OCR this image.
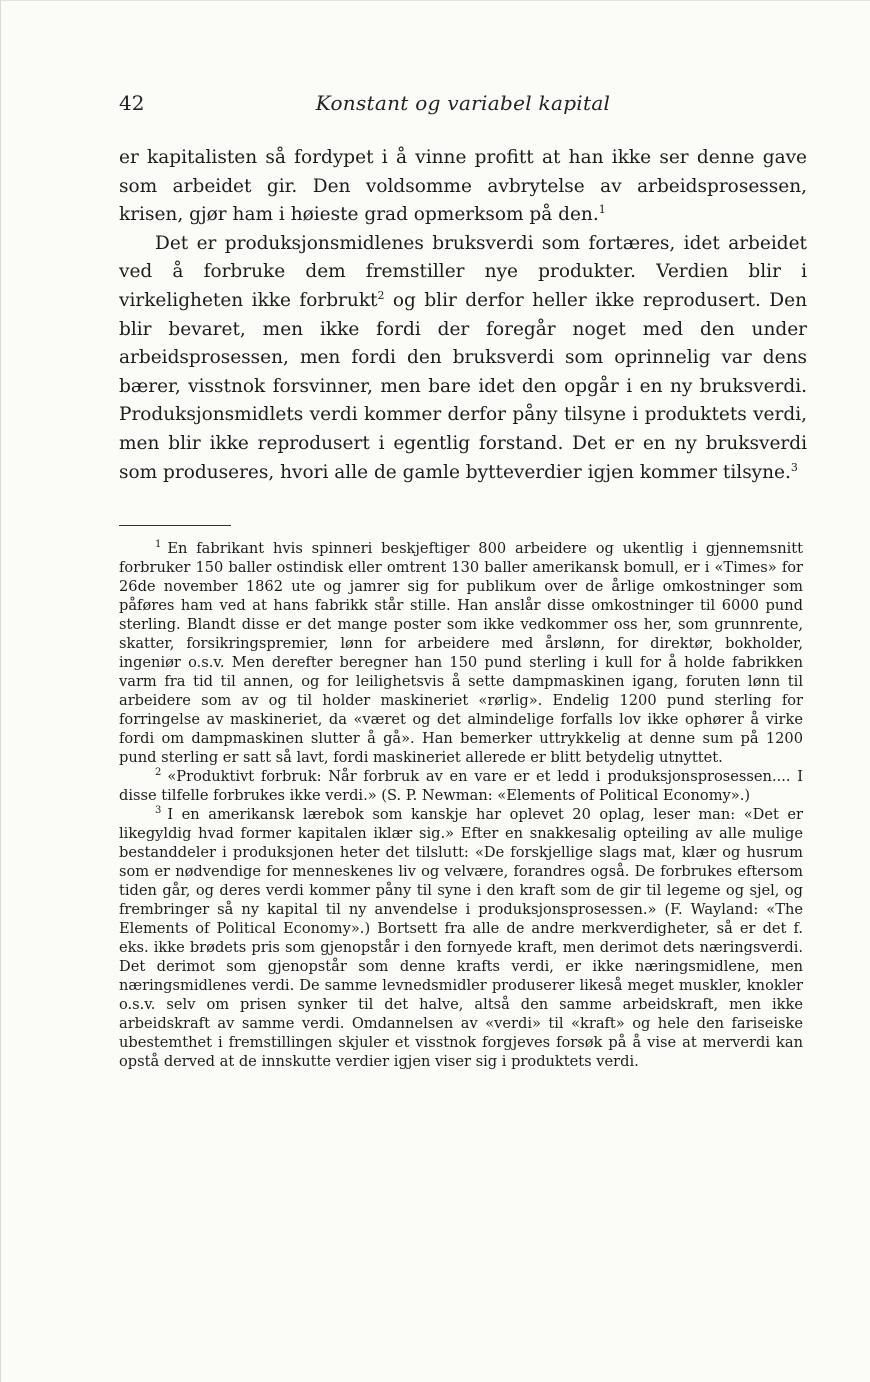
42	Konstant og variabel kapital

er kapitalisten så fordypet i å vinne profitt at han ikke ser denne gave som arbeidet gir. Den voldsomme avbrytelse av arbeidsprosessen, krisen, gjør ham i høieste grad opmerksom på den.$^1$

Det er produksjonsmidlenes bruksverdi som fortæres, idet arbeidet ved å forbruke dem fremstiller nye produkter. Verdien blir i virkeligheten ikke forbrukt$^2$ og blir derfor heller ikke reprodusert. Den blir bevaret, men ikke fordi der foregår noget med den under arbeidsprosessen, men fordi den bruksverdi som oprinnelig var dens bærer, visstnok forsvinner, men bare idet den opgår i en ny bruksverdi. Produksjonsmidlets verdi kommer derfor påny tilsyne i produktets verdi, men blir ikke reprodusert i egentlig forstand. Det er en ny bruksverdi som produseres, hvori alle de gamle bytteverdier igjen kommer tilsyne.$^3$

$^1$ En fabrikant hvis spinneri beskjeftiger 800 arbeidere og ukentlig i gjennemsnitt forbruker 150 baller ostindisk eller omtrent 130 baller amerikansk bomull, er i «Times» for 26de november 1862 ute og jamrer sig for publikum over de årlige omkostninger som påføres ham ved at hans fabrikk står stille. Han anslår disse omkostninger til 6000 pund sterling. Blandt disse er det mange poster som ikke vedkommer oss her, som grunnrente, skatter, forsikringspremier, lønn for arbeidere med årslønn, for direktør, bokholder, ingeniør o.s.v. Men derefter beregner han 150 pund sterling i kull for å holde fabrikken varm fra tid til annen, og for leilighetsvis å sette dampmaskinen igang, foruten lønn til arbeidere som av og til holder maskineriet «rørlig». Endelig 1200 pund sterling for forringelse av maskineriet, da «været og det almindelige forfalls lov ikke ophører å virke fordi om dampmaskinen slutter å gå». Han bemerker uttrykkelig at denne sum på 1200 pund sterling er satt så lavt, fordi maskineriet allerede er blitt betydelig utnyttet.

$^2$ «Produktivt forbruk: Når forbruk av en vare er et ledd i produksjonsprosessen.... I disse tilfelle forbrukes ikke verdi.» (S. P. Newman: «Elements of Political Economy».)

$^3$ I en amerikansk lærebok som kanskje har oplevet 20 oplag, leser man: «Det er likegyldig hvad former kapitalen iklær sig.» Efter en snakkesalig opteiling av alle mulige bestanddeler i produksjonen heter det tilslutt: «De forskjellige slags mat, klær og husrum som er nødvendige for menneskenes liv og velvære, forandres også. De forbrukes eftersom tiden går, og deres verdi kommer påny til syne i den kraft som de gir til legeme og sjel, og frembringer så ny kapital til ny anvendelse i produksjonsprosessen.» (F. Wayland: «The Elements of Political Economy».) Bortsett fra alle de andre merkverdigheter, så er det f. eks. ikke brødets pris som gjenopstår i den fornyede kraft, men derimot dets næringsverdi. Det derimot som gjenopstår som denne krafts verdi, er ikke næringsmidlene, men næringsmidlenes verdi. De samme levnedsmidler produserer likeså meget muskler, knokler o.s.v. selv om prisen synker til det halve, altså den samme arbeidskraft, men ikke arbeidskraft av samme verdi. Omdannelsen av «verdi» til «kraft» og hele den fariseiske ubestemthet i fremstillingen skjuler et visstnok forgjeves forsøk på å vise at merverdi kan opstå derved at de innskutte verdier igjen viser sig i produktets verdi.
